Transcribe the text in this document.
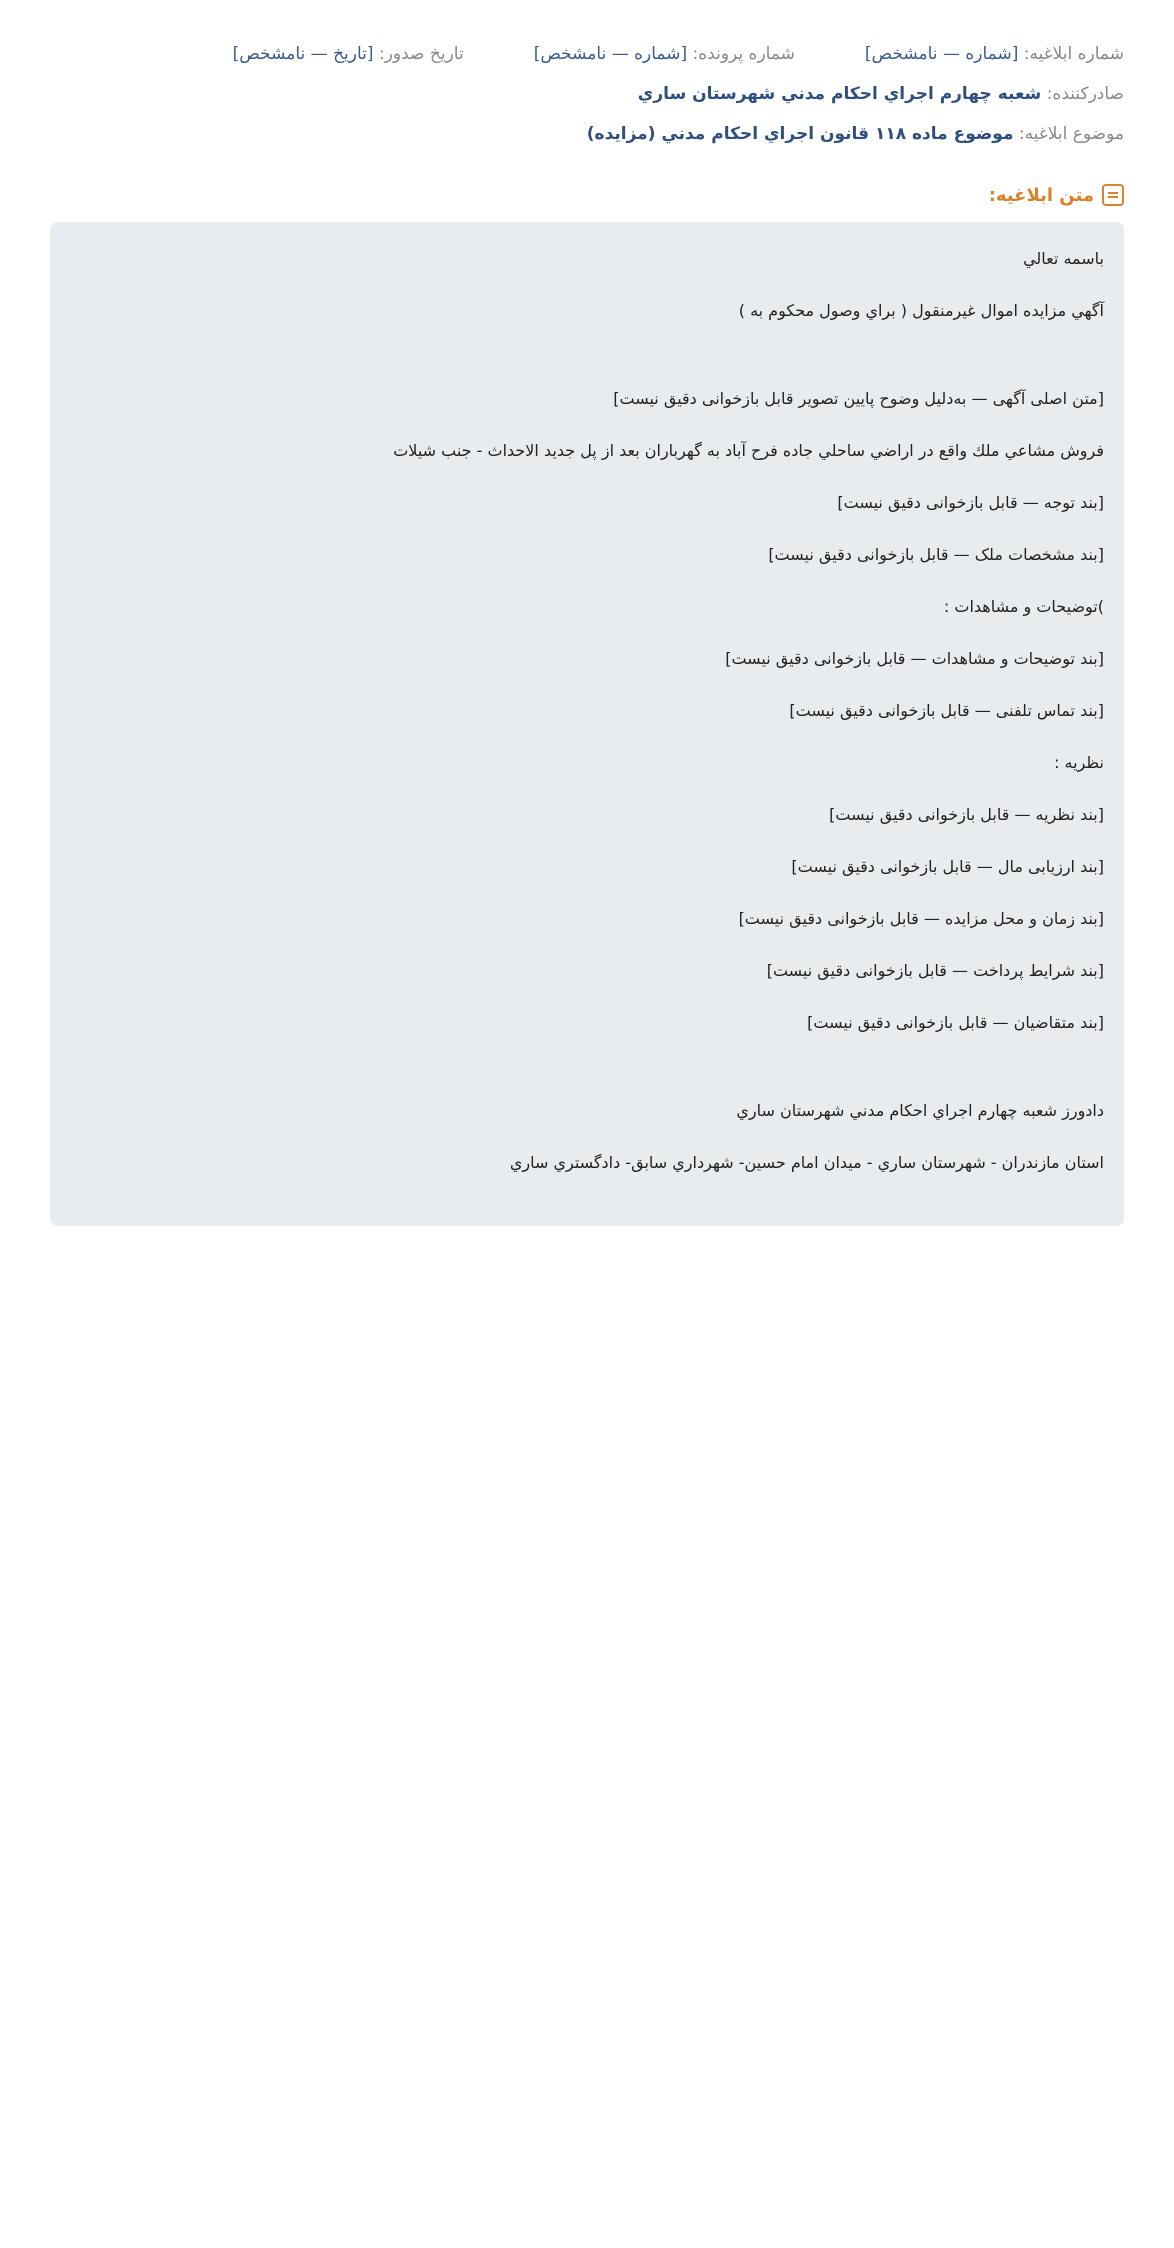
شماره ابلاغيه: [شماره — نامشخص]
شماره پرونده: [شماره — نامشخص]
تاريخ صدور: [تاریخ — نامشخص]
صادرکننده: شعبه چهارم اجراي احكام مدني شهرستان ساري
موضوع ابلاغيه: موضوع ماده ۱۱۸ قانون اجراي احكام مدني (مزايده)
متن ابلاغيه:

باسمه تعالي

آگهي مزايده اموال غيرمنقول ( براي وصول محكوم به )

[متن اصلی آگهی — به‌دلیل وضوح پایین تصویر قابل بازخوانی دقیق نیست]

فروش مشاعي ملك واقع در اراضي ساحلي جاده فرح آباد به گهرباران بعد از پل جديد الاحداث - جنب شيلات

[بند توجه — قابل بازخوانی دقیق نیست]

[بند مشخصات ملک — قابل بازخوانی دقیق نیست]

)توضيحات و مشاهدات :

[بند توضیحات و مشاهدات — قابل بازخوانی دقیق نیست]

[بند تماس تلفنی — قابل بازخوانی دقیق نیست]

نظريه :

[بند نظریه — قابل بازخوانی دقیق نیست]

[بند ارزیابی مال — قابل بازخوانی دقیق نیست]

[بند زمان و محل مزایده — قابل بازخوانی دقیق نیست]

[بند شرایط پرداخت — قابل بازخوانی دقیق نیست]

[بند متقاضیان — قابل بازخوانی دقیق نیست]

دادورز شعبه چهارم اجراي احكام مدني شهرستان ساري

استان مازندران - شهرستان ساري - ميدان امام حسين- شهرداري سابق- دادگستري ساري
